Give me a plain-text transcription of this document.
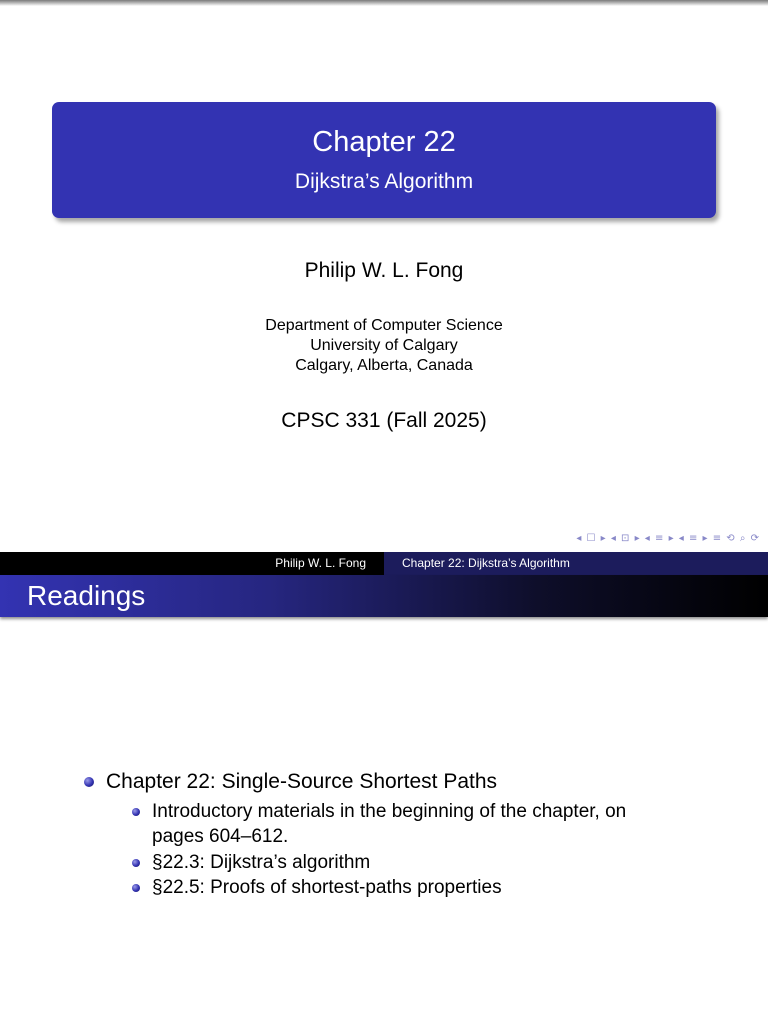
Chapter 22
Dijkstra’s Algorithm
Philip W. L. Fong
Department of Computer Science
University of Calgary
Calgary, Alberta, Canada
CPSC 331 (Fall 2025)
◂ ☐ ▸ ◂ ⊡ ▸ ◂ ≡ ▸ ◂ ≡ ▸ ≡ ⟲ ⌕ ⟳
Philip W. L. Fong	Chapter 22: Dijkstra’s Algorithm
Readings
Chapter 22: Single-Source Shortest Paths
Introductory materials in the beginning of the chapter, on
pages 604–612.
§22.3: Dijkstra’s algorithm
§22.5: Proofs of shortest-paths properties
